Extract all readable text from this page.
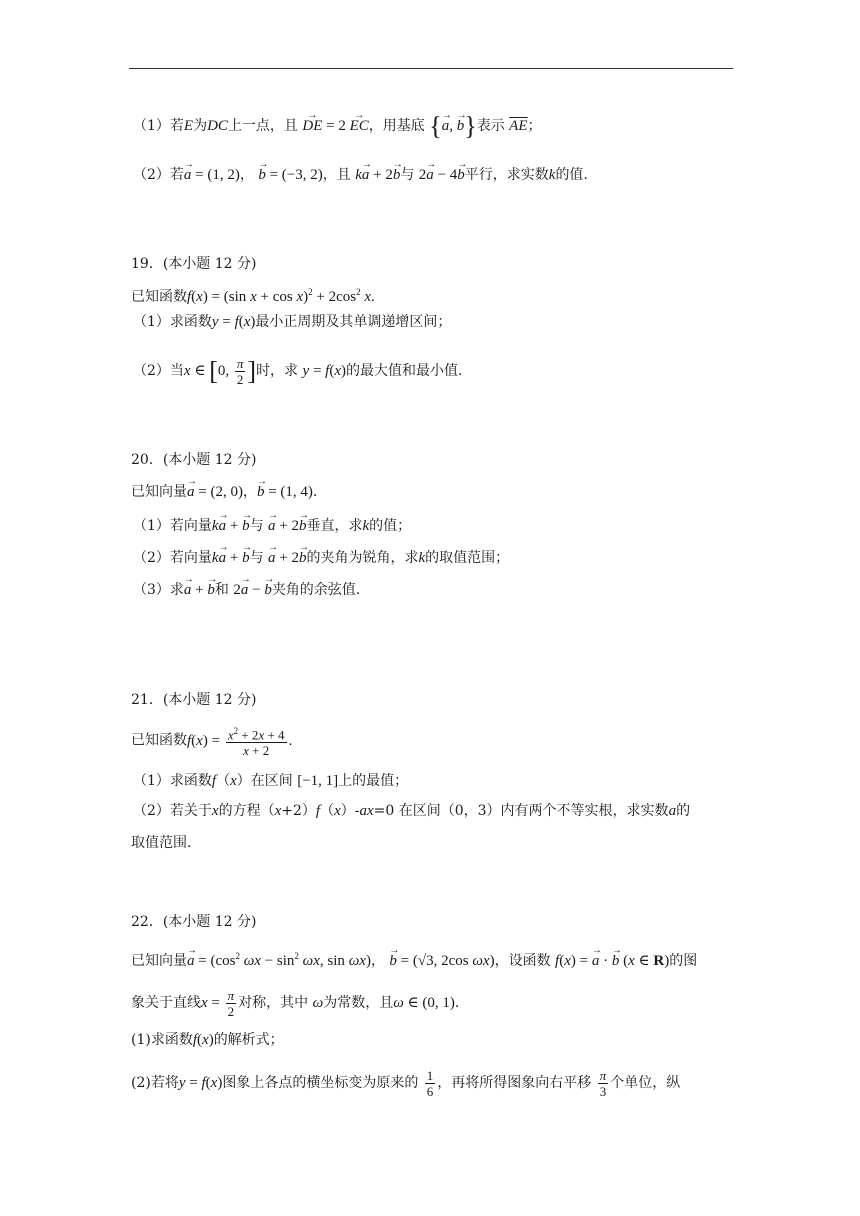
（1）若E为DC上一点，且 → DE = 2 → EC，用基底 {→ a, → b}表示 $\overline{AE}$；
（2）若→ a = (1, 2)， → b = (−3, 2)，且 k→ a + 2→ b与 2→ a − 4→ b平行，求实数k的值.
19．(本小题 12 分)
已知函数f(x) = (sin $x + \cos x)^2 + 2\cos^2$ x.
（1）求函数y = f(x)最小正周期及其单调递增区间；
（2）当x ∈ [0, $\frac{\pi}{2}$ ]时，求 y = f(x)的最大值和最小值.
20．(本小题 12 分)
已知向量→ a = (2, 0)，→ b = (1, 4).
（1）若向量k→ a + → b与 → a + 2→ b垂直，求k的值；
（2）若向量k→ a + → b与 → a + 2→ b的夹角为锐角，求k的取值范围；
（3）求→ a + → b和 2→ a − → b夹角的余弦值.
21．(本小题 12 分)
已知函数$f(x) = \frac{x^2 + 2x + 4}{x + 2}$ .
（1）求函数f（x）在区间 [−1, 1]上的最值；
（2）若关于x的方程（x+2）f（x）-ax=0 在区间（0，3）内有两个不等实根，求实数a的
取值范围.
22．(本小题 12 分)
已知向量→ $a = (\cos^2$ $\omega x - \sin^2 \omega x$, sin ωx)， → b = (√3, 2cos ωx)，设函数 f(x) = → a · → b (x ∈ R)的图
象关于直线$x = \frac{\pi}{2}$ 对称，其中 ω为常数，且ω ∈ (0, 1).
(1)求函数f(x)的解析式；
(2)若将y = f(x)图象上各点的横坐标变为原来的 $\frac{1}{6}$ ，再将所得图象向右平移 $\frac{\pi}{3}$ 个单位，纵
